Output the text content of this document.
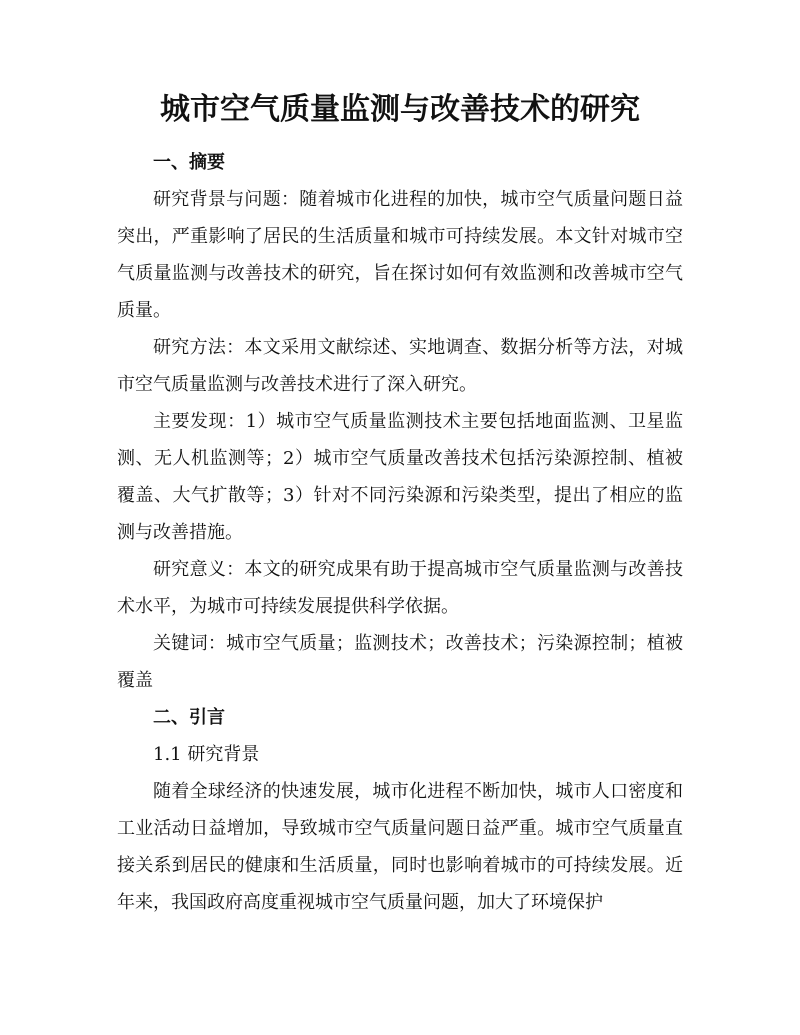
城市空气质量监测与改善技术的研究

一、摘要

研究背景与问题：随着城市化进程的加快，城市空气质量问题日益突出，严重影响了居民的生活质量和城市可持续发展。本文针对城市空气质量监测与改善技术的研究，旨在探讨如何有效监测和改善城市空气质量。

研究方法：本文采用文献综述、实地调查、数据分析等方法，对城市空气质量监测与改善技术进行了深入研究。

主要发现：1）城市空气质量监测技术主要包括地面监测、卫星监测、无人机监测等；2）城市空气质量改善技术包括污染源控制、植被覆盖、大气扩散等；3）针对不同污染源和污染类型，提出了相应的监测与改善措施。

研究意义：本文的研究成果有助于提高城市空气质量监测与改善技术水平，为城市可持续发展提供科学依据。

关键词：城市空气质量；监测技术；改善技术；污染源控制；植被覆盖

二、引言

1.1 研究背景

随着全球经济的快速发展，城市化进程不断加快，城市人口密度和工业活动日益增加，导致城市空气质量问题日益严重。城市空气质量直接关系到居民的健康和生活质量，同时也影响着城市的可持续发展。近年来，我国政府高度重视城市空气质量问题，加大了环境保护
